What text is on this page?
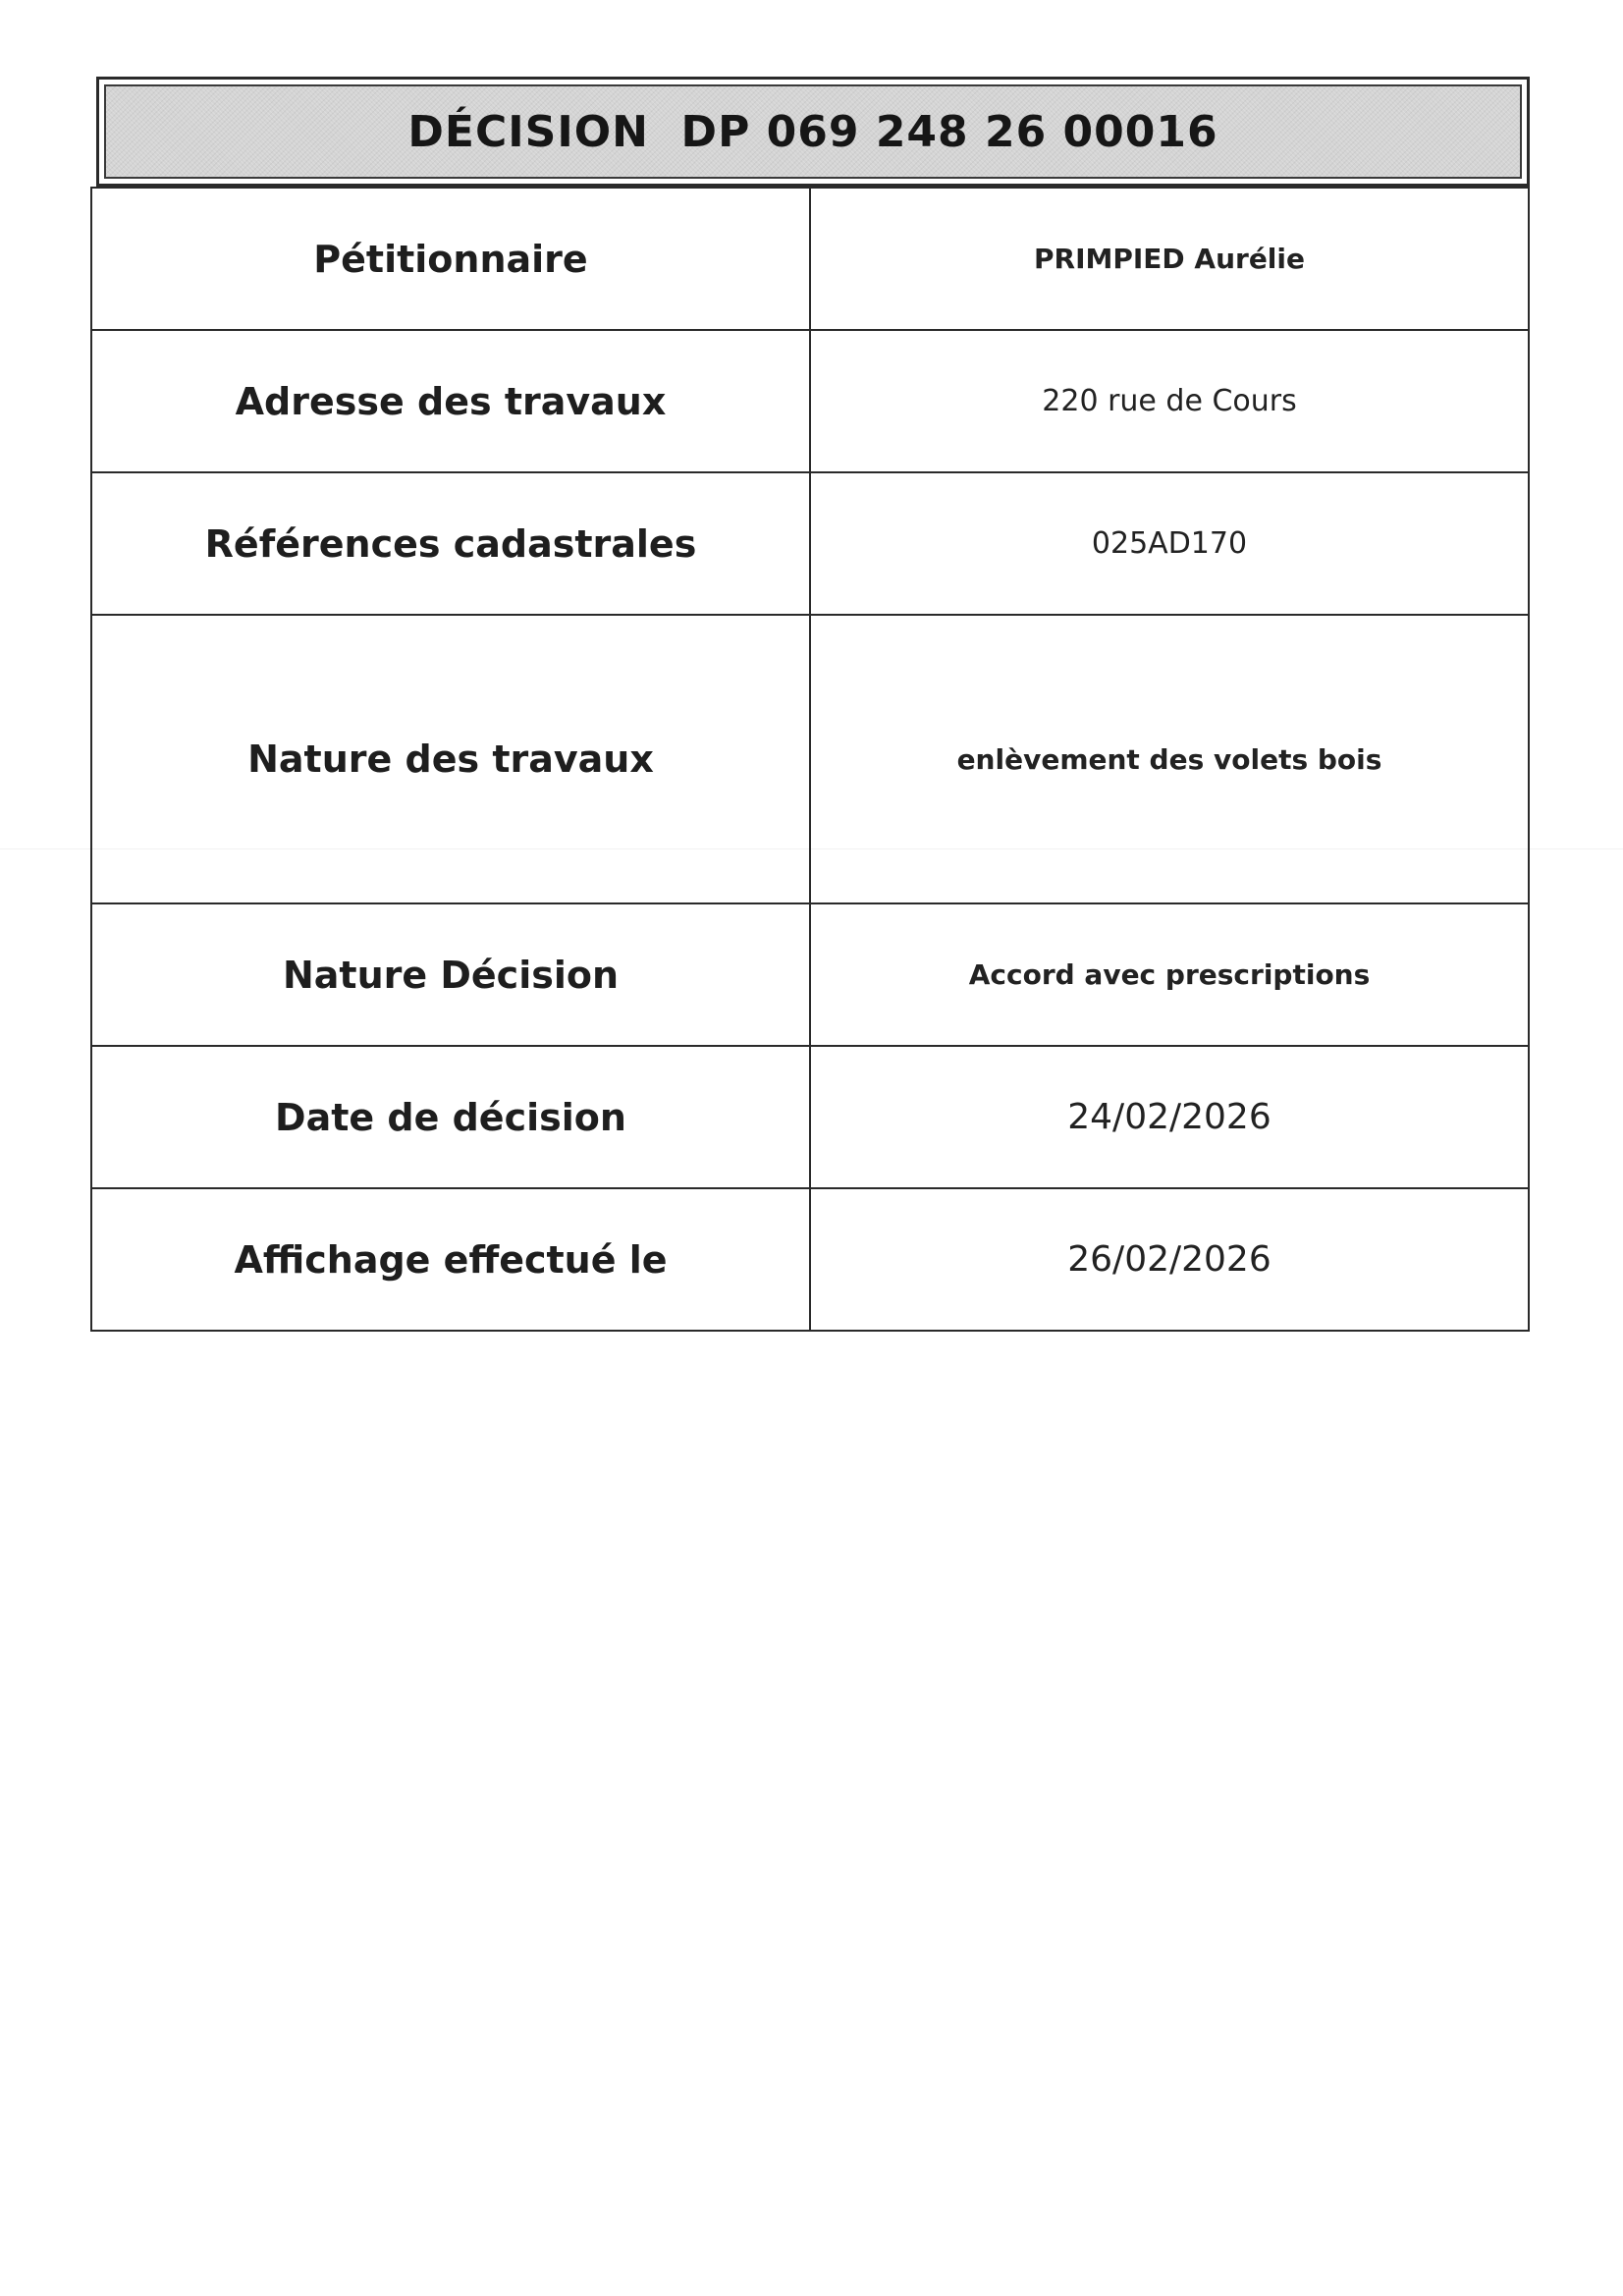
DÉCISION  DP 069 248 26 00016
Pétitionnaire	PRIMPIED Aurélie
Adresse des travaux	220 rue de Cours
Références cadastrales	025AD170
Nature des travaux	enlèvement des volets bois
Nature Décision	Accord avec prescriptions
Date de décision	24/02/2026
Affichage effectué le	26/02/2026
